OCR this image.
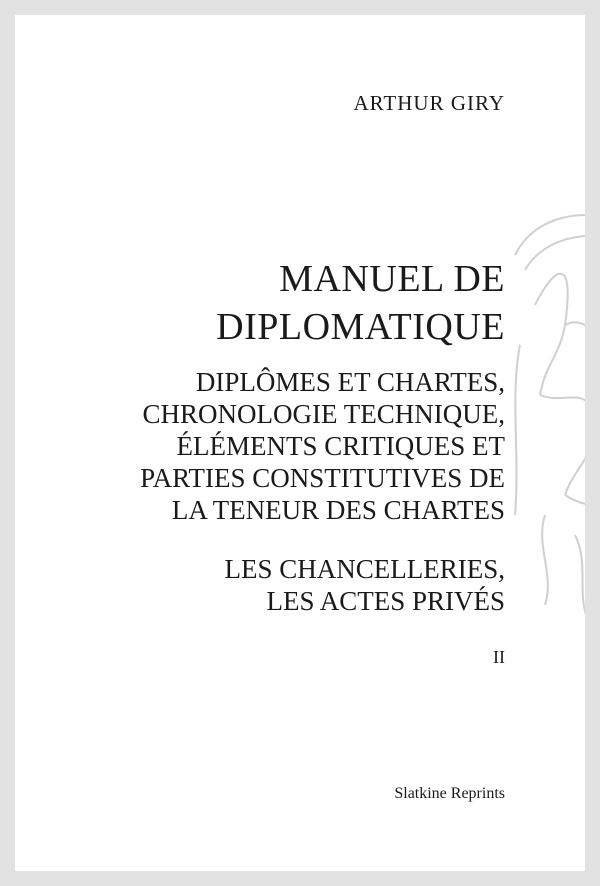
ARTHUR GIRY
MANUEL DE
DIPLOMATIQUE
DIPLÔMES ET CHARTES,
CHRONOLOGIE TECHNIQUE,
ÉLÉMENTS CRITIQUES ET
PARTIES CONSTITUTIVES DE
LA TENEUR DES CHARTES
LES CHANCELLERIES,
LES ACTES PRIVÉS
II
Slatkine Reprints
